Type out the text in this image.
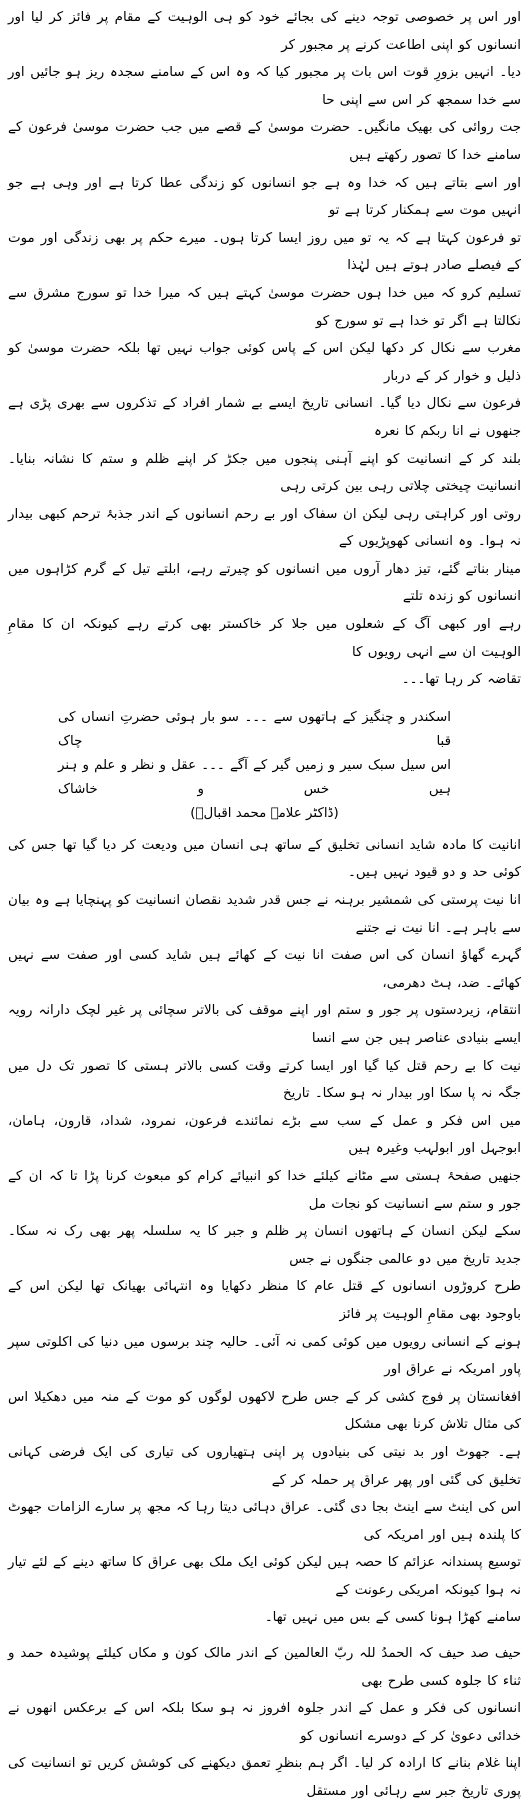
اور اس پر خصوصی توجہ دینے کی بجائے خود کو ہی الوہیت کے مقام پر فائز کر لیا اور انسانوں کو اپنی اطاعت کرنے پر مجبور کر

دیا۔ انہیں بزورِ قوت اس بات پر مجبور کیا کہ وہ اس کے سامنے سجدہ ریز ہو جائیں اور سے خدا سمجھ کر اس سے اپنی حا

جت روائی کی بھیک مانگیں۔ حضرت موسیٰ کے قصے میں جب حضرت موسیٰ فرعون کے سامنے خدا کا تصور رکھتے ہیں

اور اسے بتاتے ہیں کہ خدا وہ ہے جو انسانوں کو زندگی عطا کرتا ہے اور وہی ہے جو انہیں موت سے ہمکنار کرتا ہے تو

تو فرعون کہتا ہے کہ یہ تو میں روز ایسا کرتا ہوں۔ میرے حکم پر بھی زندگی اور موت کے فیصلے صادر ہوتے ہیں لہٰذا

تسلیم کرو کہ میں خدا ہوں حضرت موسیٰ کہتے ہیں کہ میرا خدا تو سورج مشرق سے نکالتا ہے اگر تو خدا ہے تو سورج کو

مغرب سے نکال کر دکھا لیکن اس کے پاس کوئی جواب نہیں تھا بلکہ حضرت موسیٰ کو ذلیل و خوار کر کے دربار

فرعون سے نکال دیا گیا۔ انسانی تاریخ ایسے بے شمار افراد کے تذکروں سے بھری پڑی ہے جنھوں نے انا ربکم کا نعرہ

بلند کر کے انسانیت کو اپنے آہنی پنجوں میں جکڑ کر اپنے ظلم و ستم کا نشانہ بنایا۔ انسانیت چیختی چلاتی رہی بین کرتی رہی

روتی اور کراہتی رہی لیکن ان سفاک اور بے رحم انسانوں کے اندر جذبۂ ترحم کبھی بیدار نہ ہوا۔ وہ انسانی کھوپڑیوں کے

مینار بناتے گئے، تیز دھار آروں میں انسانوں کو چیرتے رہے، ابلتے تیل کے گرم کڑاہوں میں انسانوں کو زندہ تلتے

رہے اور کبھی آگ کے شعلوں میں جلا کر خاکستر بھی کرتے رہے کیونکہ ان کا مقامِ الوہیت ان سے انہی رویوں کا

تقاضہ کر رہا تھا۔۔۔

اسکندر و چنگیز کے ہاتھوں سے ۔۔۔ سو بار ہوئی حضرتِ انساں کی قبا چاک

اس سیل سبک سیر و زمیں گیر کے آگے ۔۔۔ عقل و نظر و علم و ہنر ہیں خس و خاشاک

(ڈاکٹر علامہ محمد اقبالؒ)

انانیت کا مادہ شاید انسانی تخلیق کے ساتھ ہی انسان میں ودیعت کر دیا گیا تھا جس کی کوئی حد و دو قیود نہیں ہیں۔

انا نیت پرستی کی شمشیر برہنہ نے جس قدر شدید نقصان انسانیت کو پہنچایا ہے وہ بیان سے باہر ہے۔ انا نیت نے جتنے

گہرے گھاؤ انسان کی اس صفت انا نیت کے کھائے ہیں شاید کسی اور صفت سے نہیں کھائے۔ ضد، ہٹ دھرمی،

انتقام، زیردستوں پر جور و ستم اور اپنے موقف کی بالاتر سچائی پر غیر لچک دارانہ رویہ ایسے بنیادی عناصر ہیں جن سے انسا

نیت کا بے رحم قتل کیا گیا اور ایسا کرتے وقت کسی بالاتر ہستی کا تصور تک دل میں جگہ نہ پا سکا اور بیدار نہ ہو سکا۔ تاریخ

میں اس فکر و عمل کے سب سے بڑے نمائندے فرعون، نمرود، شداد، قارون، ہامان، ابوجہل اور ابولہب وغیرہ ہیں

جنھیں صفحۂ ہستی سے مٹانے کیلئے خدا کو انبیائے کرام کو مبعوث کرنا پڑا تا کہ ان کے جور و ستم سے انسانیت کو نجات مل

سکے لیکن انسان کے ہاتھوں انسان پر ظلم و جبر کا یہ سلسلہ پھر بھی رک نہ سکا۔ جدید تاریخ میں دو عالمی جنگوں نے جس

طرح کروڑوں انسانوں کے قتل عام کا منظر دکھایا وہ انتہائی بھیانک تھا لیکن اس کے باوجود بھی مقامِ الوہیت پر فائز

ہونے کے انسانی رویوں میں کوئی کمی نہ آئی۔ حالیہ چند برسوں میں دنیا کی اکلوتی سپر پاور امریکہ نے عراق اور

افغانستان پر فوج کشی کر کے جس طرح لاکھوں لوگوں کو موت کے منہ میں دھکیلا اس کی مثال تلاش کرنا بھی مشکل

ہے۔ جھوٹ اور بد نیتی کی بنیادوں پر اپنی ہتھیاروں کی تیاری کی ایک فرضی کہانی تخلیق کی گئی اور پھر عراق پر حملہ کر کے

اس کی اینٹ سے اینٹ بجا دی گئی۔ عراق دہائی دیتا رہا کہ مجھ پر سارے الزامات جھوٹ کا پلندہ ہیں اور امریکہ کی

توسیع پسندانہ عزائم کا حصہ ہیں لیکن کوئی ایک ملک بھی عراق کا ساتھ دینے کے لئے تیار نہ ہوا کیونکہ امریکی رعونت کے

سامنے کھڑا ہونا کسی کے بس میں نہیں تھا۔

حیف صد حیف کہ الحمدُ للہ ربّ العالمین کے اندر مالک کون و مکاں کیلئے پوشیدہ حمد و ثناء کا جلوہ کسی طرح بھی

انسانوں کی فکر و عمل کے اندر جلوہ افروز نہ ہو سکا بلکہ اس کے برعکس انھوں نے خدائی دعویٰ کر کے دوسرے انسانوں کو

اپنا غلام بنانے کا ارادہ کر لیا۔ اگر ہم بنظرِ تعمق دیکھنے کی کوشش کریں تو انسانیت کی پوری تاریخ جبر سے رہائی اور مستقل
